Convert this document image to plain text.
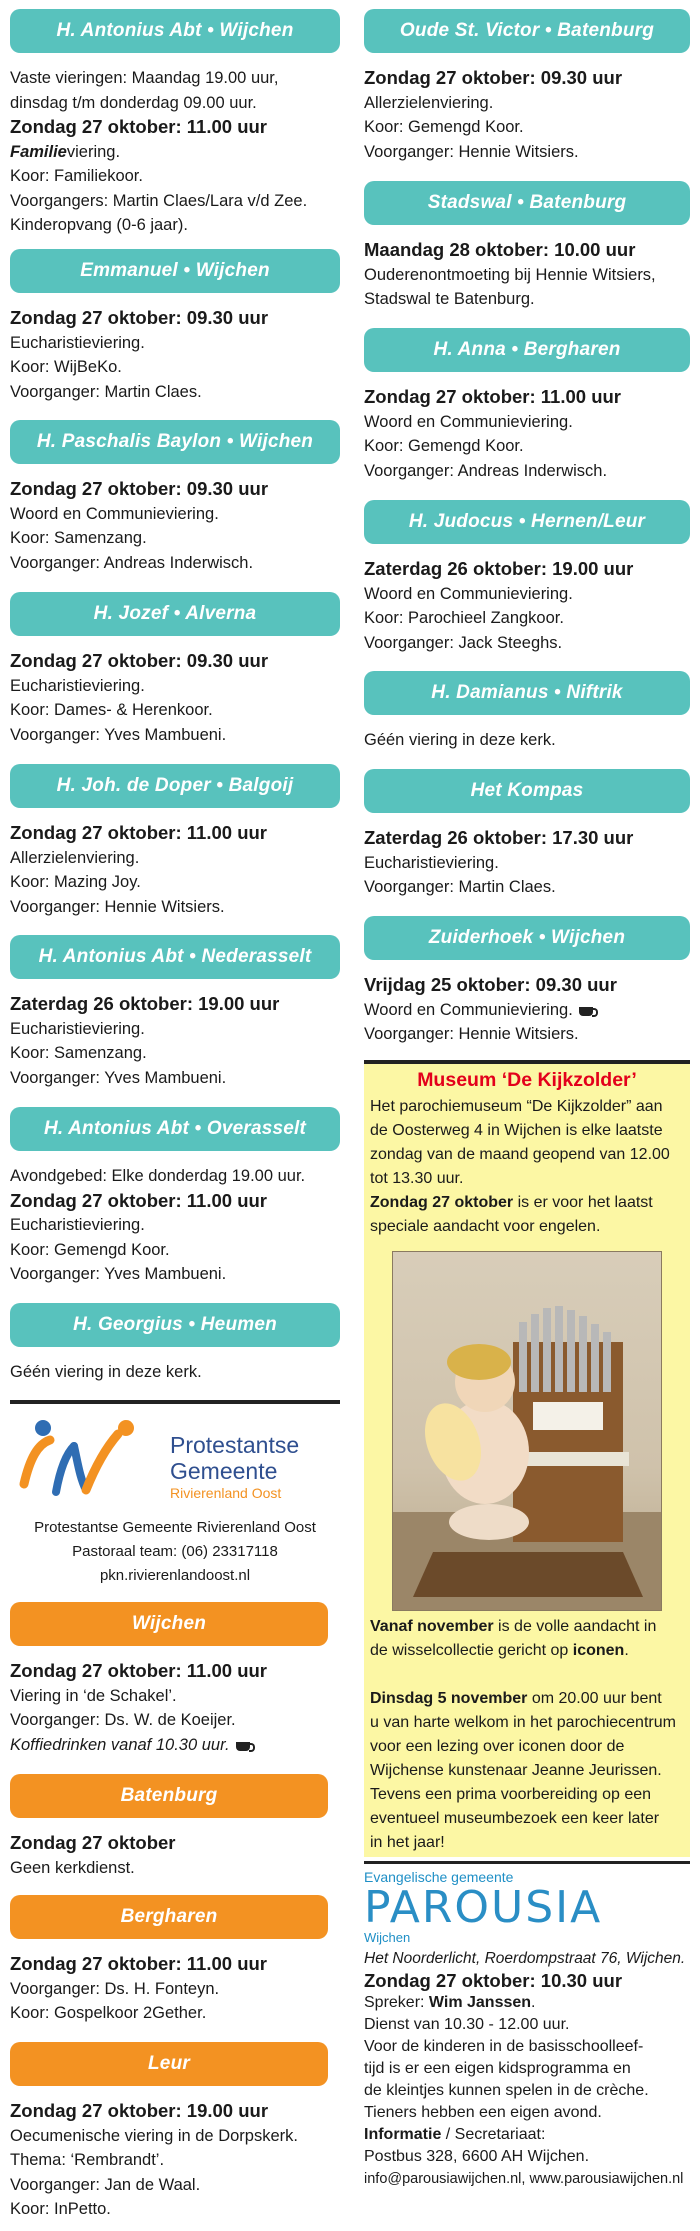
H. Antonius Abt • Wijchen
Vaste vieringen: Maandag 19.00 uur,
dinsdag t/m donderdag 09.00 uur.
Zondag 27 oktober: 11.00 uur
Familieviering.
Koor: Familiekoor.
Voorgangers: Martin Claes/Lara v/d Zee.
Kinderopvang (0-6 jaar).
Emmanuel • Wijchen
Zondag 27 oktober: 09.30 uur
Eucharistieviering.
Koor: WijBeKo.
Voorganger: Martin Claes.
H. Paschalis Baylon • Wijchen
Zondag 27 oktober: 09.30 uur
Woord en Communieviering.
Koor: Samenzang.
Voorganger: Andreas Inderwisch.
H. Jozef • Alverna
Zondag 27 oktober: 09.30 uur
Eucharistieviering.
Koor: Dames- & Herenkoor.
Voorganger: Yves Mambueni.
H. Joh. de Doper • Balgoij
Zondag 27 oktober: 11.00 uur
Allerzielenviering.
Koor: Mazing Joy.
Voorganger: Hennie Witsiers.
H. Antonius Abt • Nederasselt
Zaterdag 26 oktober: 19.00 uur
Eucharistieviering.
Koor: Samenzang.
Voorganger: Yves Mambueni.
H. Antonius Abt • Overasselt
Avondgebed: Elke donderdag 19.00 uur.
Zondag 27 oktober: 11.00 uur
Eucharistieviering.
Koor: Gemengd Koor.
Voorganger: Yves Mambueni.
H. Georgius • Heumen
Géén viering in deze kerk.
Protestantse
Gemeente
Rivierenland Oost
Protestantse Gemeente Rivierenland Oost
Pastoraal team: (06) 23317118
pkn.rivierenlandoost.nl
Wijchen
Zondag 27 oktober: 11.00 uur
Viering in ‘de Schakel’.
Voorganger: Ds. W. de Koeijer.
Koffiedrinken vanaf 10.30 uur.
Batenburg
Zondag 27 oktober
Geen kerkdienst.
Bergharen
Zondag 27 oktober: 11.00 uur
Voorganger: Ds. H. Fonteyn.
Koor: Gospelkoor 2Gether.
Leur
Zondag 27 oktober: 19.00 uur
Oecumenische viering in de Dorpskerk.
Thema: ‘Rembrandt’.
Voorganger: Jan de Waal.
Koor: InPetto.
Oude St. Victor • Batenburg
Zondag 27 oktober: 09.30 uur
Allerzielenviering.
Koor: Gemengd Koor.
Voorganger: Hennie Witsiers.
Stadswal • Batenburg
Maandag 28 oktober: 10.00 uur
Ouderenontmoeting bij Hennie Witsiers,
Stadswal te Batenburg.
H. Anna • Bergharen
Zondag 27 oktober: 11.00 uur
Woord en Communieviering.
Koor: Gemengd Koor.
Voorganger: Andreas Inderwisch.
H. Judocus • Hernen/Leur
Zaterdag 26 oktober: 19.00 uur
Woord en Communieviering.
Koor: Parochieel Zangkoor.
Voorganger: Jack Steeghs.
H. Damianus • Niftrik
Géén viering in deze kerk.
Het Kompas
Zaterdag 26 oktober: 17.30 uur
Eucharistieviering.
Voorganger: Martin Claes.
Zuiderhoek • Wijchen
Vrijdag 25 oktober: 09.30 uur
Woord en Communieviering.
Voorganger: Hennie Witsiers.
Museum ‘De Kijkzolder’
Het parochiemuseum “De Kijkzolder” aan
de Oosterweg 4 in Wijchen is elke laatste
zondag van de maand geopend van 12.00
tot 13.30 uur.
Zondag 27 oktober is er voor het laatst
speciale aandacht voor engelen.
Vanaf november is de volle aandacht in
de wisselcollectie gericht op iconen.
Dinsdag 5 november om 20.00 uur bent
u van harte welkom in het parochiecentrum
voor een lezing over iconen door de
Wijchense kunstenaar Jeanne Jeurissen.
Tevens een prima voorbereiding op een
eventueel museumbezoek een keer later
in het jaar!
Evangelische gemeente
PAROUSIA
Wijchen
Het Noorderlicht, Roerdompstraat 76, Wijchen.
Zondag 27 oktober: 10.30 uur
Spreker: Wim Janssen.
Dienst van 10.30 - 12.00 uur.
Voor de kinderen in de basisschoolleef-
tijd is er een eigen kidsprogramma en
de kleintjes kunnen spelen in de crèche.
Tieners hebben een eigen avond.
Informatie / Secretariaat:
Postbus 328, 6600 AH Wijchen.
info@parousiawijchen.nl, www.parousiawijchen.nl
